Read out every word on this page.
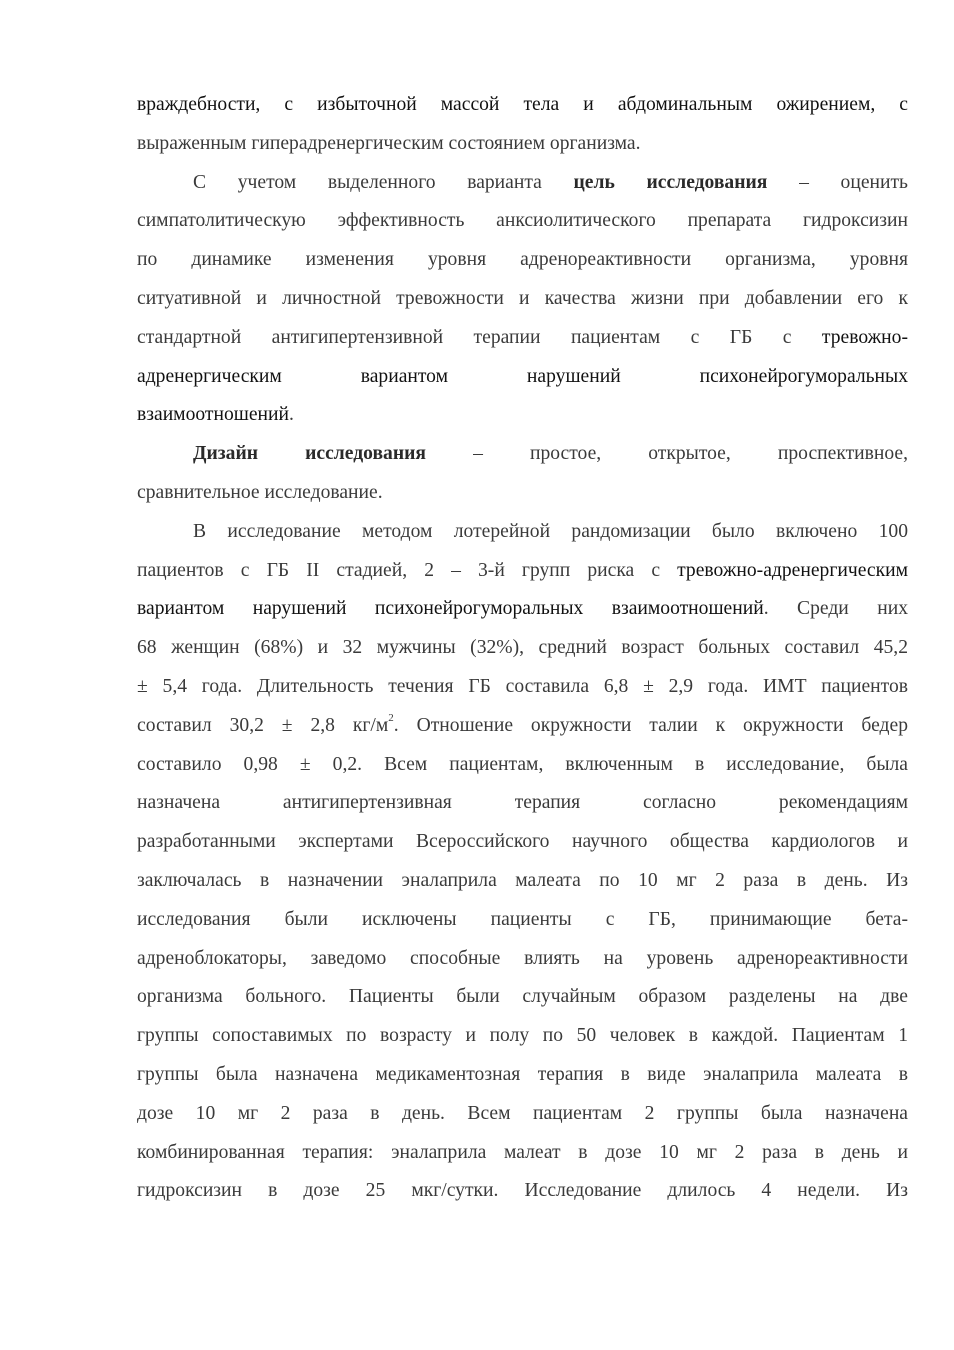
враждебности, с избыточной массой тела и абдоминальным ожирением, с
выраженным гиперадренергическим состоянием организма.
С учетом выделенного варианта цель исследования – оценить
симпатолитическую эффективность анксиолитического препарата гидроксизин
по динамике изменения уровня адренореактивности организма, уровня
ситуативной и личностной тревожности и качества жизни при добавлении его к
стандартной антигипертензивной терапии пациентам с ГБ с тревожно-
адренергическим вариантом нарушений психонейрогуморальных
взаимоотношений.
Дизайн исследования – простое, открытое, проспективное,
сравнительное исследование.
В исследование методом лотерейной рандомизации было включено 100
пациентов с ГБ II стадией, 2 – 3-й групп риска с тревожно-адренергическим
вариантом нарушений психонейрогуморальных взаимоотношений. Среди них
68 женщин (68%) и 32 мужчины (32%), средний возраст больных составил 45,2
± 5,4 года. Длительность течения ГБ составила 6,8 ± 2,9 года. ИМТ пациентов
составил 30,2 ± 2,8 $кг/м^2$. Отношение окружности талии к окружности бедер
составило 0,98 ± 0,2. Всем пациентам, включенным в исследование, была
назначена антигипертензивная терапия согласно рекомендациям
разработанными экспертами Всероссийского научного общества кардиологов и
заключалась в назначении эналаприла малеата по 10 мг 2 раза в день. Из
исследования были исключены пациенты с ГБ, принимающие бета-
адреноблокаторы, заведомо способные влиять на уровень адренореактивности
организма больного. Пациенты были случайным образом разделены на две
группы сопоставимых по возрасту и полу по 50 человек в каждой. Пациентам 1
группы была назначена медикаментозная терапия в виде эналаприла малеата в
дозе 10 мг 2 раза в день. Всем пациентам 2 группы была назначена
комбинированная терапия: эналаприла малеат в дозе 10 мг 2 раза в день и
гидроксизин в дозе 25 мкг/сутки. Исследование длилось 4 недели. Из
